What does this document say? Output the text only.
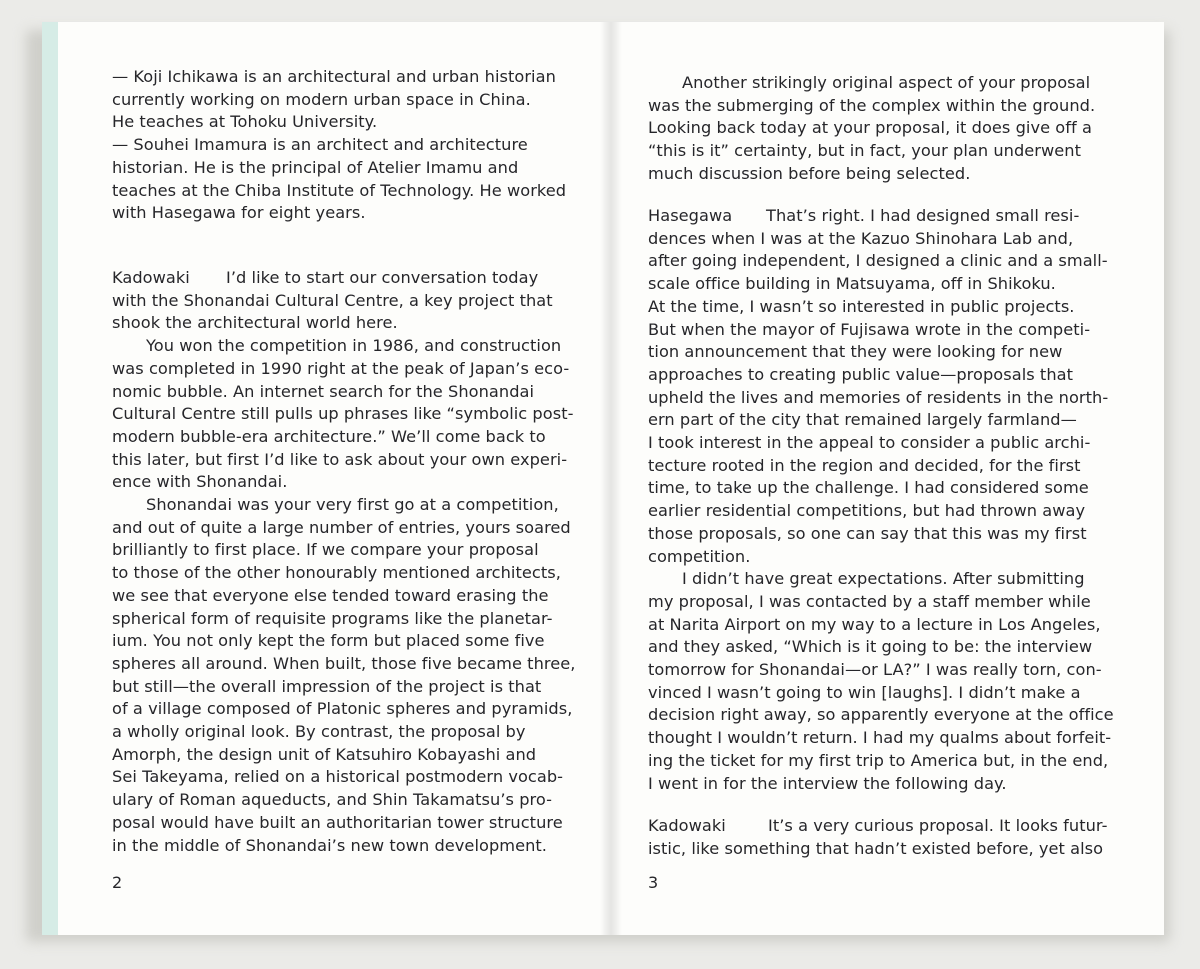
— Koji Ichikawa is an architectural and urban historian
currently working on modern urban space in China.
He teaches at Tohoku University.
— Souhei Imamura is an architect and architecture
historian. He is the principal of Atelier Imamu and
teaches at the Chiba Institute of Technology. He worked
with Hasegawa for eight years.
Kadowaki I’d like to start our conversation today
with the Shonandai Cultural Centre, a key project that
shook the architectural world here.
You won the competition in 1986, and construction
was completed in 1990 right at the peak of Japan’s eco-
nomic bubble. An internet search for the Shonandai
Cultural Centre still pulls up phrases like “symbolic post-
modern bubble-era architecture.” We’ll come back to
this later, but first I’d like to ask about your own experi-
ence with Shonandai.
Shonandai was your very first go at a competition,
and out of quite a large number of entries, yours soared
brilliantly to first place. If we compare your proposal
to those of the other honourably mentioned architects,
we see that everyone else tended toward erasing the
spherical form of requisite programs like the planetar-
ium. You not only kept the form but placed some five
spheres all around. When built, those five became three,
but still—the overall impression of the project is that
of a village composed of Platonic spheres and pyramids,
a wholly original look. By contrast, the proposal by
Amorph, the design unit of Katsuhiro Kobayashi and
Sei Takeyama, relied on a historical postmodern vocab-
ulary of Roman aqueducts, and Shin Takamatsu’s pro-
posal would have built an authoritarian tower structure
in the middle of Shonandai’s new town development.
2
Another strikingly original aspect of your proposal
was the submerging of the complex within the ground.
Looking back today at your proposal, it does give off a
“this is it” certainty, but in fact, your plan underwent
much discussion before being selected.
Hasegawa That’s right. I had designed small resi-
dences when I was at the Kazuo Shinohara Lab and,
after going independent, I designed a clinic and a small-
scale office building in Matsuyama, off in Shikoku.
At the time, I wasn’t so interested in public projects.
But when the mayor of Fujisawa wrote in the competi-
tion announcement that they were looking for new
approaches to creating public value—proposals that
upheld the lives and memories of residents in the north-
ern part of the city that remained largely farmland—
I took interest in the appeal to consider a public archi-
tecture rooted in the region and decided, for the first
time, to take up the challenge. I had considered some
earlier residential competitions, but had thrown away
those proposals, so one can say that this was my first
competition.
I didn’t have great expectations. After submitting
my proposal, I was contacted by a staff member while
at Narita Airport on my way to a lecture in Los Angeles,
and they asked, “Which is it going to be: the interview
tomorrow for Shonandai—or LA?” I was really torn, con-
vinced I wasn’t going to win [laughs]. I didn’t make a
decision right away, so apparently everyone at the office
thought I wouldn’t return. I had my qualms about forfeit-
ing the ticket for my first trip to America but, in the end,
I went in for the interview the following day.
Kadowaki	It’s a very curious proposal. It looks futur-
istic, like something that hadn’t existed before, yet also
3
